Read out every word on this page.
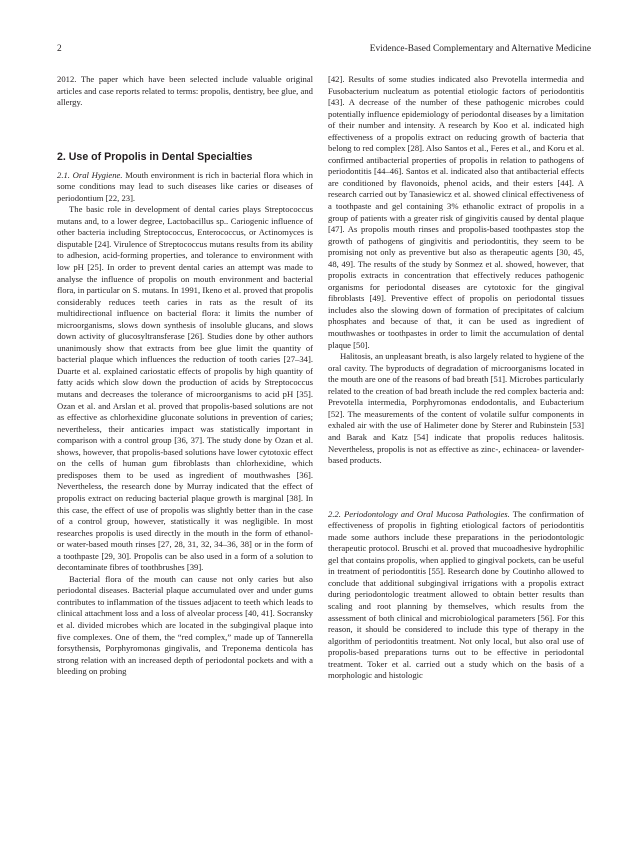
2	Evidence-Based Complementary and Alternative Medicine

2012. The paper which have been selected include valuable original articles and case reports related to terms: propolis, dentistry, bee glue, and allergy.

2. Use of Propolis in Dental Specialties

2.1. Oral Hygiene. Mouth environment is rich in bacterial flora which in some conditions may lead to such diseases like caries or diseases of periodontium [22, 23].

The basic role in development of dental caries plays Streptococcus mutans and, to a lower degree, Lactobacillus sp.. Cariogenic influence of other bacteria including Streptococcus, Enterococcus, or Actinomyces is disputable [24]. Virulence of Streptococcus mutans results from its ability to adhesion, acid-forming properties, and tolerance to environment with low pH [25]. In order to prevent dental caries an attempt was made to analyse the influence of propolis on mouth environment and bacterial flora, in particular on S. mutans. In 1991, Ikeno et al. proved that propolis considerably reduces teeth caries in rats as the result of its multidirectional influence on bacterial flora: it limits the number of microorganisms, slows down synthesis of insoluble glucans, and slows down activity of glucosyltransferase [26]. Studies done by other authors unanimously show that extracts from bee glue limit the quantity of bacterial plaque which influences the reduction of tooth caries [27–34]. Duarte et al. explained cariostatic effects of propolis by high quantity of fatty acids which slow down the production of acids by Streptococcus mutans and decreases the tolerance of microorganisms to acid pH [35]. Ozan et al. and Arslan et al. proved that propolis-based solutions are not as effective as chlorhexidine gluconate solutions in prevention of caries; nevertheless, their anticaries impact was statistically important in comparison with a control group [36, 37]. The study done by Ozan et al. shows, however, that propolis-based solutions have lower cytotoxic effect on the cells of human gum fibroblasts than chlorhexidine, which predisposes them to be used as ingredient of mouthwashes [36]. Nevertheless, the research done by Murray indicated that the effect of propolis extract on reducing bacterial plaque growth is marginal [38]. In this case, the effect of use of propolis was slightly better than in the case of a control group, however, statistically it was negligible. In most researches propolis is used directly in the mouth in the form of ethanol- or water-based mouth rinses [27, 28, 31, 32, 34–36, 38] or in the form of a toothpaste [29, 30]. Propolis can be also used in a form of a solution to decontaminate fibres of toothbrushes [39].

Bacterial flora of the mouth can cause not only caries but also periodontal diseases. Bacterial plaque accumulated over and under gums contributes to inflammation of the tissues adjacent to teeth which leads to clinical attachment loss and a loss of alveolar process [40, 41]. Socransky et al. divided microbes which are located in the subgingival plaque into five complexes. One of them, the “red complex,” made up of Tannerella forsythensis, Porphyromonas gingivalis, and Treponema denticola has strong relation with an increased depth of periodontal pockets and with a bleeding on probing

[42]. Results of some studies indicated also Prevotella intermedia and Fusobacterium nucleatum as potential etiologic factors of periodontitis [43]. A decrease of the number of these pathogenic microbes could potentially influence epidemiology of periodontal diseases by a limitation of their number and intensity. A research by Koo et al. indicated high effectiveness of a propolis extract on reducing growth of bacteria that belong to red complex [28]. Also Santos et al., Feres et al., and Koru et al. confirmed antibacterial properties of propolis in relation to pathogens of periodontitis [44–46]. Santos et al. indicated also that antibacterial effects are conditioned by flavonoids, phenol acids, and their esters [44]. A research carried out by Tanasiewicz et al. showed clinical effectiveness of a toothpaste and gel containing 3% ethanolic extract of propolis in a group of patients with a greater risk of gingivitis caused by dental plaque [47]. As propolis mouth rinses and propolis-based toothpastes stop the growth of pathogens of gingivitis and periodontitis, they seem to be promising not only as preventive but also as therapeutic agents [30, 45, 48, 49]. The results of the study by Sonmez et al. showed, however, that propolis extracts in concentration that effectively reduces pathogenic organisms for periodontal diseases are cytotoxic for the gingival fibroblasts [49]. Preventive effect of propolis on periodontal tissues includes also the slowing down of formation of precipitates of calcium phosphates and because of that, it can be used as ingredient of mouthwashes or toothpastes in order to limit the accumulation of dental plaque [50].

Halitosis, an unpleasant breath, is also largely related to hygiene of the oral cavity. The byproducts of degradation of microorganisms located in the mouth are one of the reasons of bad breath [51]. Microbes particularly related to the creation of bad breath include the red complex bacteria and: Prevotella intermedia, Porphyromonas endodontalis, and Eubacterium [52]. The measurements of the content of volatile sulfur components in exhaled air with the use of Halimeter done by Sterer and Rubinstein [53] and Barak and Katz [54] indicate that propolis reduces halitosis. Nevertheless, propolis is not as effective as zinc-, echinacea- or lavender-based products.

2.2. Periodontology and Oral Mucosa Pathologies. The confirmation of effectiveness of propolis in fighting etiological factors of periodontitis made some authors include these preparations in the periodontologic therapeutic protocol. Bruschi et al. proved that mucoadhesive hydrophilic gel that contains propolis, when applied to gingival pockets, can be useful in treatment of periodontitis [55]. Research done by Coutinho allowed to conclude that additional subgingival irrigations with a propolis extract during periodontologic treatment allowed to obtain better results than scaling and root planning by themselves, which results from the assessment of both clinical and microbiological parameters [56]. For this reason, it should be considered to include this type of therapy in the algorithm of periodontitis treatment. Not only local, but also oral use of propolis-based preparations turns out to be effective in periodontal treatment. Toker et al. carried out a study which on the basis of a morphologic and histologic
